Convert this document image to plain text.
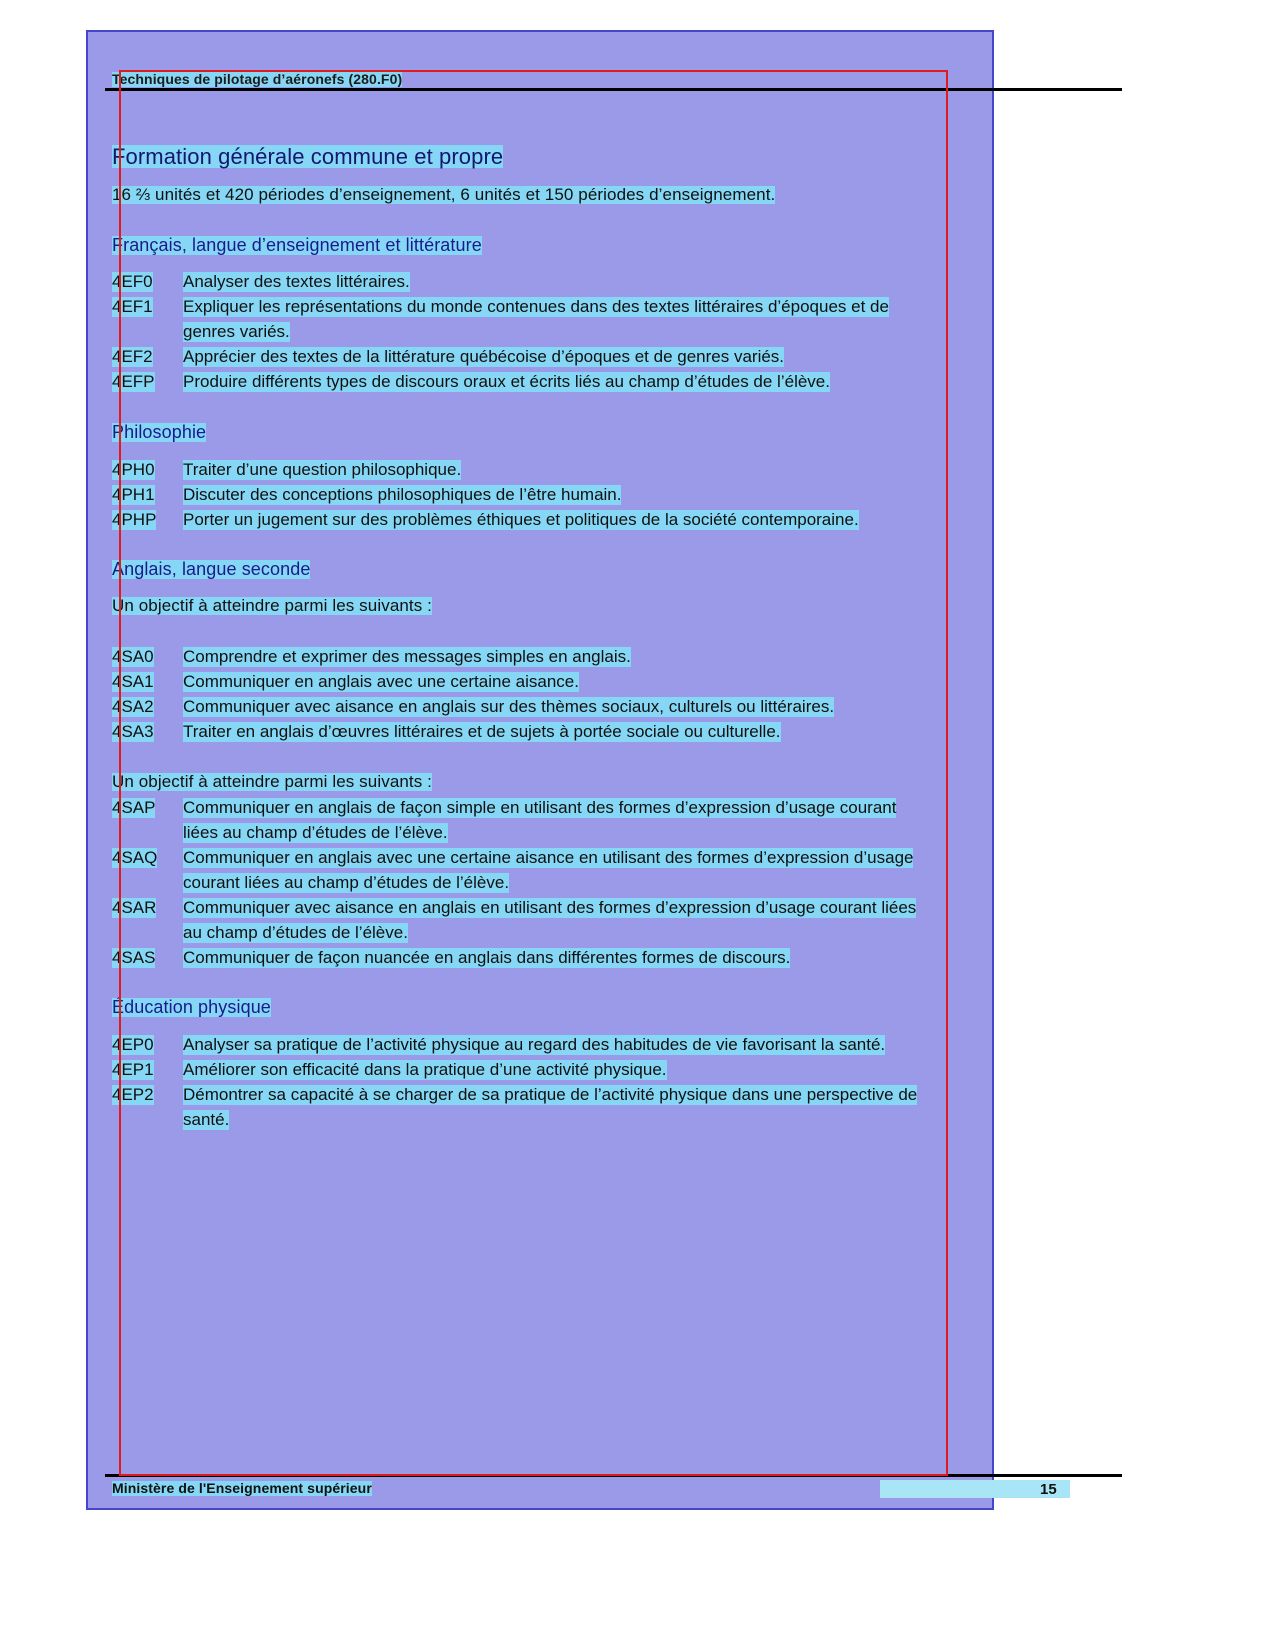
Techniques de pilotage d’aéronefs (280.F0)
Formation générale commune et propre
16 ⅔ unités et 420 périodes d’enseignement, 6 unités et 150 périodes d’enseignement.
Français, langue d’enseignement et littérature
4EF0 Analyser des textes littéraires.
4EF1 Expliquer les représentations du monde contenues dans des textes littéraires d’époques et de
genres variés.
4EF2 Apprécier des textes de la littérature québécoise d’époques et de genres variés.
4EFP Produire différents types de discours oraux et écrits liés au champ d’études de l’élève.
Philosophie
4PH0 Traiter d’une question philosophique.
4PH1 Discuter des conceptions philosophiques de l’être humain.
4PHP Porter un jugement sur des problèmes éthiques et politiques de la société contemporaine.
Anglais, langue seconde
Un objectif à atteindre parmi les suivants :
4SA0 Comprendre et exprimer des messages simples en anglais.
4SA1 Communiquer en anglais avec une certaine aisance.
4SA2 Communiquer avec aisance en anglais sur des thèmes sociaux, culturels ou littéraires.
4SA3 Traiter en anglais d’œuvres littéraires et de sujets à portée sociale ou culturelle.
Un objectif à atteindre parmi les suivants :
4SAP Communiquer en anglais de façon simple en utilisant des formes d’expression d’usage courant
liées au champ d’études de l’élève.
4SAQ Communiquer en anglais avec une certaine aisance en utilisant des formes d’expression d’usage
courant liées au champ d’études de l’élève.
4SAR Communiquer avec aisance en anglais en utilisant des formes d’expression d’usage courant liées
au champ d’études de l’élève.
4SAS Communiquer de façon nuancée en anglais dans différentes formes de discours.
Éducation physique
4EP0 Analyser sa pratique de l’activité physique au regard des habitudes de vie favorisant la santé.
4EP1 Améliorer son efficacité dans la pratique d’une activité physique.
4EP2 Démontrer sa capacité à se charger de sa pratique de l’activité physique dans une perspective de
santé.
Ministère de l'Enseignement supérieur	15
